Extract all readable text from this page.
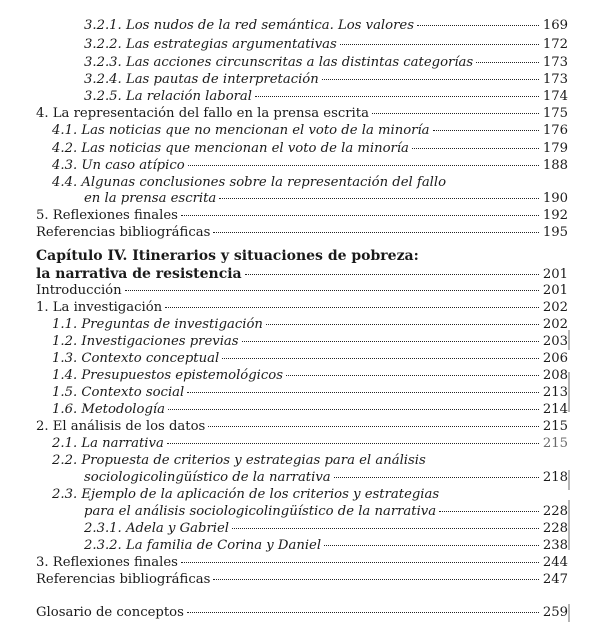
3.2.1. Los nudos de la red semántica. Los valores	169
3.2.2. Las estrategias argumentativas	172
3.2.3. Las acciones circunscritas a las distintas categorías	173
3.2.4. Las pautas de interpretación	173
3.2.5. La relación laboral	174
4. La representación del fallo en la prensa escrita	175
4.1. Las noticias que no mencionan el voto de la minoría	176
4.2. Las noticias que mencionan el voto de la minoría	179
4.3. Un caso atípico	188
4.4. Algunas conclusiones sobre la representación del fallo
en la prensa escrita	190
5. Reflexiones finales	192
Referencias bibliográficas	195
Capítulo IV. Itinerarios y situaciones de pobreza:
la narrativa de resistencia	201
Introducción	201
1. La investigación	202
1.1. Preguntas de investigación	202
1.2. Investigaciones previas	203
1.3. Contexto conceptual	206
1.4. Presupuestos epistemológicos	208
1.5. Contexto social	213
1.6. Metodología	214
2. El análisis de los datos	215
2.1. La narrativa	215
2.2. Propuesta de criterios y estrategias para el análisis
sociologicolingüístico de la narrativa	218
2.3. Ejemplo de la aplicación de los criterios y estrategias
para el análisis sociologicolingüístico de la narrativa	228
2.3.1. Adela y Gabriel	228
2.3.2. La familia de Corina y Daniel	238
3. Reflexiones finales	244
Referencias bibliográficas	247
Glosario de conceptos	259
